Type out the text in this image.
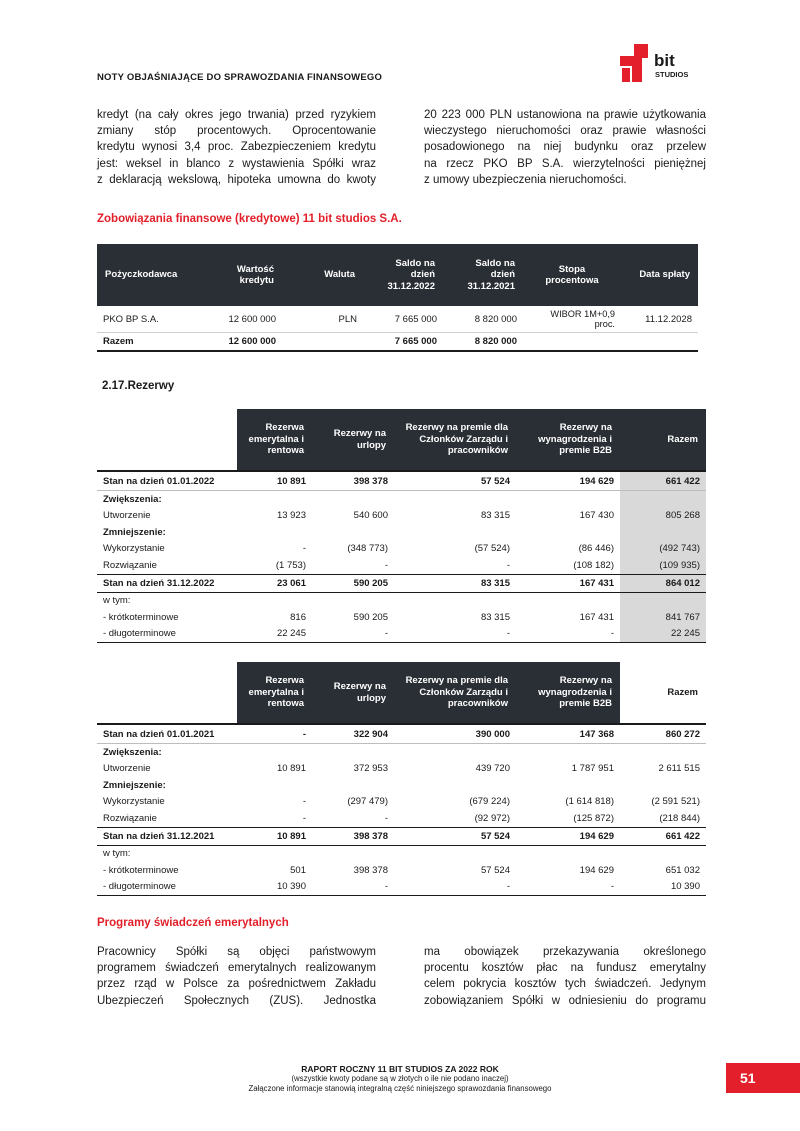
NOTY OBJAŚNIAJĄCE DO SPRAWOZDANIA FINANSOWEGO
bit
STUDIOS
kredyt (na cały okres jego trwania) przed ryzykiem
zmiany stóp procentowych. Oprocentowanie
kredytu wynosi 3,4 proc. Zabezpieczeniem kredytu
jest: weksel in blanco z wystawienia Spółki wraz
z deklaracją wekslową, hipoteka umowna do kwoty
20 223 000 PLN ustanowiona na prawie użytkowania
wieczystego nieruchomości oraz prawie własności
posadowionego na niej budynku oraz przelew
na rzecz PKO BP S.A. wierzytelności pieniężnej
z umowy ubezpieczenia nieruchomości.
Zobowiązania finansowe (kredytowe) 11 bit studios S.A.
Pożyczkodawca	Wartość kredytu	Waluta	Saldo na dzień 31.12.2022	Saldo na dzień 31.12.2021	Stopa procentowa	Data spłaty
PKO BP S.A.	12 600 000	PLN	7 665 000	8 820 000	WIBOR 1M+0,9 proc.	11.12.2028
Razem	12 600 000		7 665 000	8 820 000		
2.17.Rezerwy
	Rezerwa emerytalna i rentowa	Rezerwy na urlopy	Rezerwy na premie dla Członków Zarządu i pracowników	Rezerwy na wynagrodzenia i premie B2B	Razem
Stan na dzień 01.01.2022	10 891	398 378	57 524	194 629	661 422
Zwiększenia:					
Utworzenie	13 923	540 600	83 315	167 430	805 268
Zmniejszenie:					
Wykorzystanie	-	(348 773)	(57 524)	(86 446)	(492 743)
Rozwiązanie	(1 753)	-	-	(108 182)	(109 935)
Stan na dzień 31.12.2022	23 061	590 205	83 315	167 431	864 012
w tym:					
- krótkoterminowe	816	590 205	83 315	167 431	841 767
- długoterminowe	22 245	-	-	-	22 245
	Rezerwa emerytalna i rentowa	Rezerwy na urlopy	Rezerwy na premie dla Członków Zarządu i pracowników	Rezerwy na wynagrodzenia i premie B2B	Razem
Stan na dzień 01.01.2021	-	322 904	390 000	147 368	860 272
Zwiększenia:					
Utworzenie	10 891	372 953	439 720	1 787 951	2 611 515
Zmniejszenie:					
Wykorzystanie	-	(297 479)	(679 224)	(1 614 818)	(2 591 521)
Rozwiązanie	-	-	(92 972)	(125 872)	(218 844)
Stan na dzień 31.12.2021	10 891	398 378	57 524	194 629	661 422
w tym:					
- krótkoterminowe	501	398 378	57 524	194 629	651 032
- długoterminowe	10 390	-	-	-	10 390
Programy świadczeń emerytalnych
Pracownicy Spółki są objęci państwowym
programem świadczeń emerytalnych realizowanym
przez rząd w Polsce za pośrednictwem Zakładu
Ubezpieczeń Społecznych (ZUS). Jednostka
ma obowiązek przekazywania określonego
procentu kosztów płac na fundusz emerytalny
celem pokrycia kosztów tych świadczeń. Jedynym
zobowiązaniem Spółki w odniesieniu do programu
RAPORT ROCZNY 11 BIT STUDIOS ZA 2022 ROK
(wszystkie kwoty podane są w złotych o ile nie podano inaczej)
Załączone informacje stanowią integralną część niniejszego sprawozdania finansowego
51
